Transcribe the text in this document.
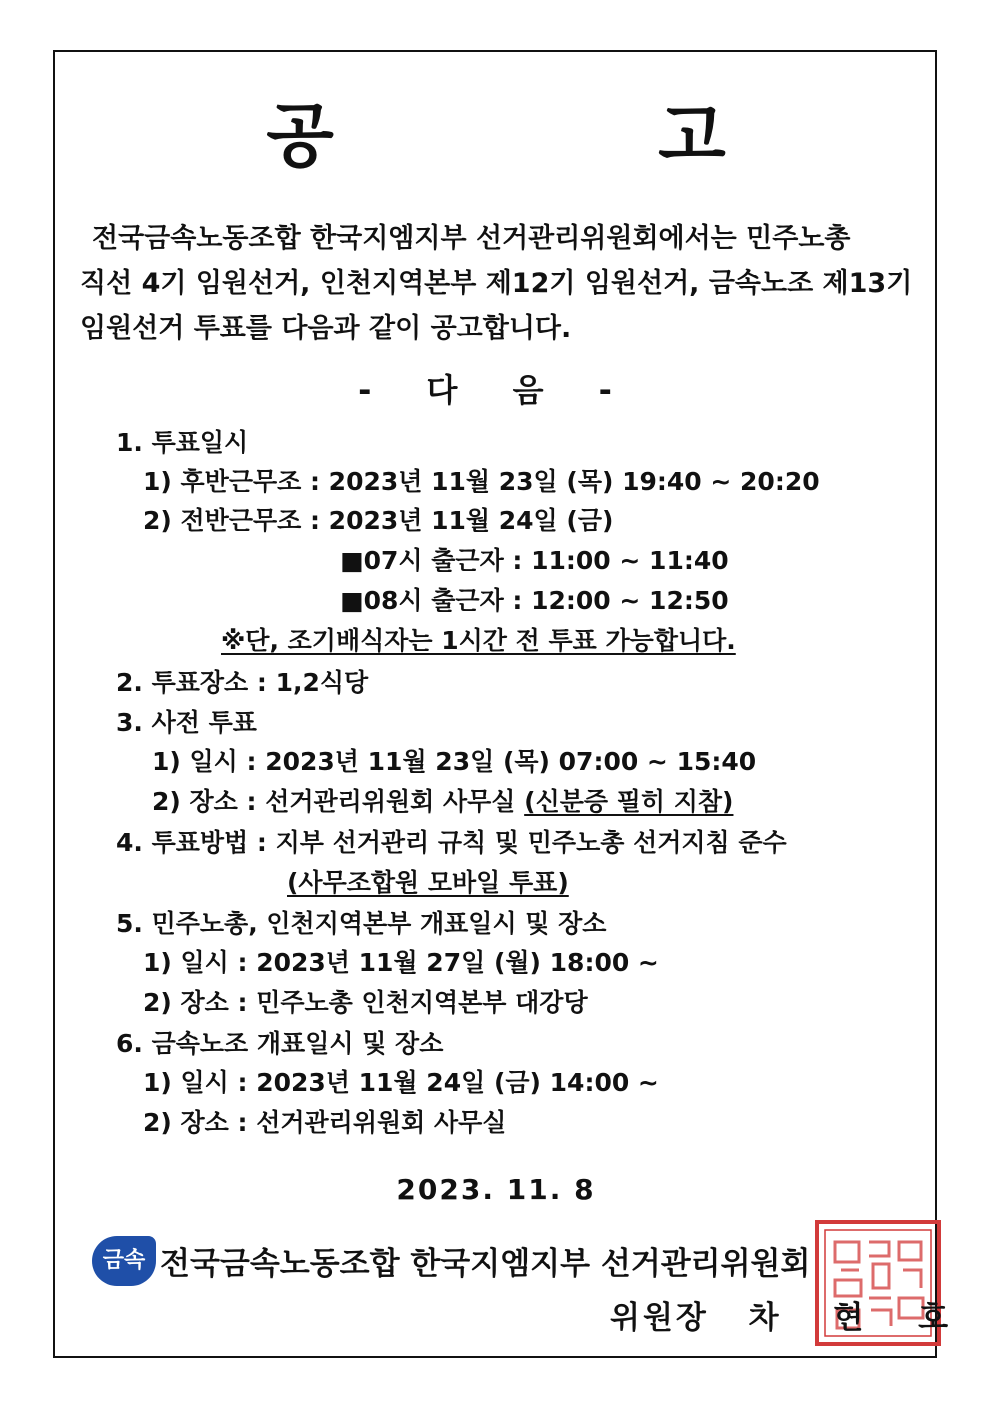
공 고
전국금속노동조합 한국지엠지부 선거관리위원회에서는 민주노총
직선 4기 임원선거, 인천지역본부 제12기 임원선거, 금속노조 제13기
임원선거 투표를 다음과 같이 공고합니다.
- 다 음 -
1. 투표일시
1) 후반근무조 : 2023년 11월 23일 (목) 19:40 ~ 20:20
2) 전반근무조 : 2023년 11월 24일 (금)
■07시 출근자 : 11:00 ~ 11:40
■08시 출근자 : 12:00 ~ 12:50
※단, 조기배식자는 1시간 전 투표 가능합니다.
2. 투표장소 : 1,2식당
3. 사전 투표
1) 일시 : 2023년 11월 23일 (목) 07:00 ~ 15:40
2) 장소 : 선거관리위원회 사무실 (신분증 필히 지참)
4. 투표방법 : 지부 선거관리 규칙 및 민주노총 선거지침 준수
(사무조합원 모바일 투표)
5. 민주노총, 인천지역본부 개표일시 및 장소
1) 일시 : 2023년 11월 27일 (월) 18:00 ~
2) 장소 : 민주노총 인천지역본부 대강당
6. 금속노조 개표일시 및 장소
1) 일시 : 2023년 11월 24일 (금) 14:00 ~
2) 장소 : 선거관리위원회 사무실
2023. 11. 8
금속 전국금속노동조합 한국지엠지부 선거관리위원회
위원장 차 현 호
